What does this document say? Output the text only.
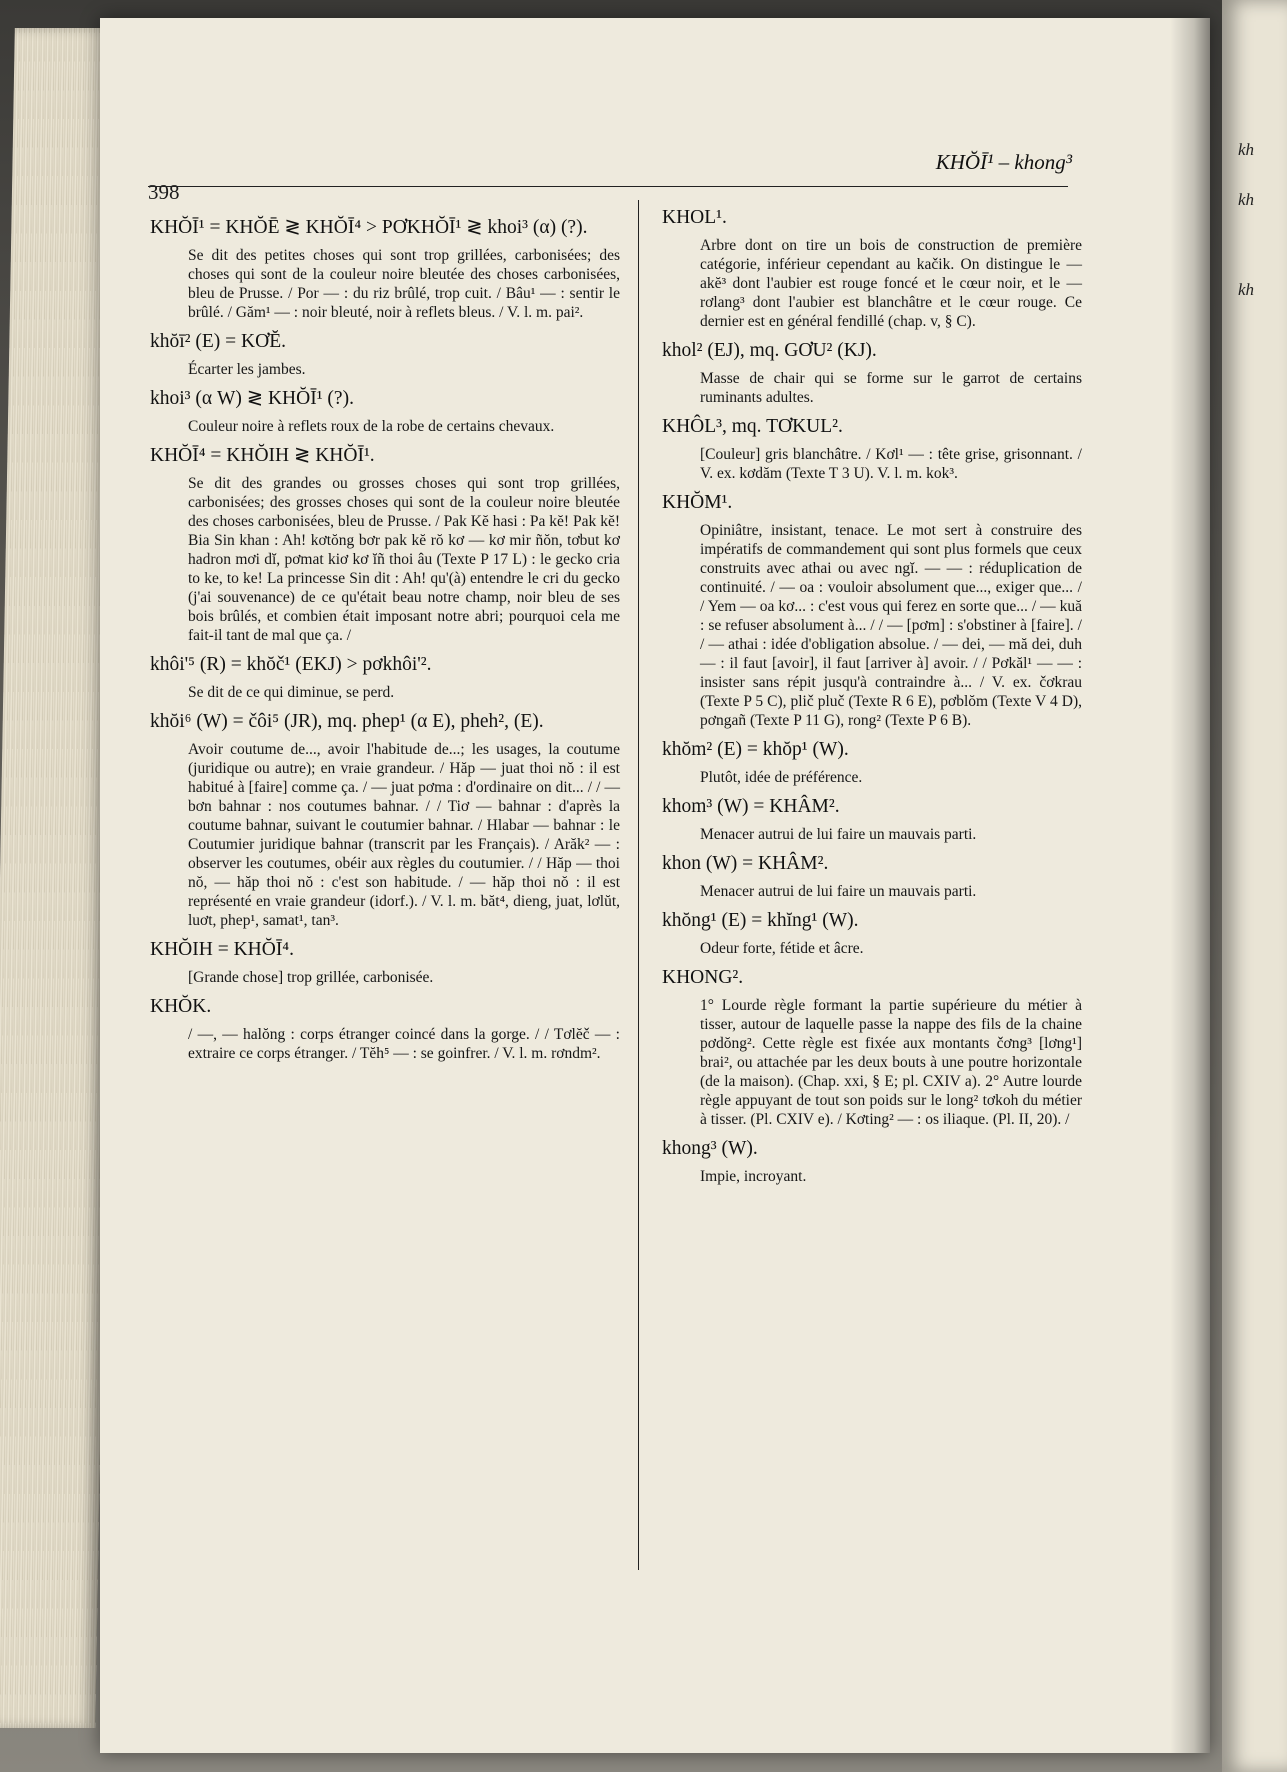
kh
kh
kh
398
KHŎĪ¹ – khong³
KHŎĪ¹ = KHŎĒ ≷ KHŎĪ⁴ > PƠKHŎĪ¹ ≷ khoi³ (α) (?).
Se dit des petites choses qui sont trop grillées, carbonisées; des choses qui sont de la couleur noire bleutée des choses carbonisées, bleu de Prusse. / Por — : du riz brûlé, trop cuit. / Bâu¹ — : sentir le brûlé. / Găm¹ — : noir bleuté, noir à reflets bleus. / V. l. m. pai².
khŏī² (E) = KƠĔ.
Écarter les jambes.
khoi³ (α W) ≷ KHŎĪ¹ (?).
Couleur noire à reflets roux de la robe de certains chevaux.
KHŎĪ⁴ = KHŎIH ≷ KHŎĪ¹.
Se dit des grandes ou grosses choses qui sont trop grillées, carbonisées; des grosses choses qui sont de la couleur noire bleutée des choses carbonisées, bleu de Prusse. / Pak Kĕ hasi : Pa kĕ! Pak kĕ! Bia Sin khan : Ah! kơtŏng bơr pak kĕ rŏ kơ — kơ mir ñŏn, tơbut kơ hadron mơi dĭ, pơmat kiơ kơ ĭñ thoi âu (Texte P 17 L) : le gecko cria to ke, to ke! La princesse Sin dit : Ah! qu'(à) entendre le cri du gecko (j'ai souvenance) de ce qu'était beau notre champ, noir bleu de ses bois brûlés, et combien était imposant notre abri; pourquoi cela me fait-il tant de mal que ça. /
khôi'⁵ (R) = khŏč¹ (EKJ) > pơkhôi'².
Se dit de ce qui diminue, se perd.
khŏi⁶ (W) = čôi⁵ (JR), mq. phep¹ (α E), pheh², (E).
Avoir coutume de..., avoir l'habitude de...; les usages, la coutume (juridique ou autre); en vraie grandeur. / Hăp — juat thoi nŏ : il est habitué à [faire] comme ça. / — juat pơma : d'ordinaire on dit... / / — bơn bahnar : nos coutumes bahnar. / / Tiơ — bahnar : d'après la coutume bahnar, suivant le coutumier bahnar. / Hlabar — bahnar : le Coutumier juridique bahnar (transcrit par les Français). / Arăk² — : observer les coutumes, obéir aux règles du coutumier. / / Hăp — thoi nŏ, — hăp thoi nŏ : c'est son habitude. / — hăp thoi nŏ : il est représenté en vraie grandeur (idorf.). / V. l. m. băt⁴, dieng, juat, lơlŭt, luơt, phep¹, samat¹, tan³.
KHŎIH = KHŎĪ⁴.
[Grande chose] trop grillée, carbonisée.
KHŎK.
/ —, — halŏng : corps étranger coincé dans la gorge. / / Tơlĕč — : extraire ce corps étranger. / Tĕh⁵ — : se goinfrer. / V. l. m. rơndm².
KHOL¹.
Arbre dont on tire un bois de construction de première catégorie, inférieur cependant au kačik. On distingue le — akĕ³ dont l'aubier est rouge foncé et le cœur noir, et le — rơlang³ dont l'aubier est blanchâtre et le cœur rouge. Ce dernier est en général fendillé (chap. v, § C).
khol² (EJ), mq. GƠU² (KJ).
Masse de chair qui se forme sur le garrot de certains ruminants adultes.
KHÔL³, mq. TƠKUL².
[Couleur] gris blanchâtre. / Kơl¹ — : tête grise, grisonnant. / V. ex. kơdăm (Texte T 3 U). V. l. m. kok³.
KHŎM¹.
Opiniâtre, insistant, tenace. Le mot sert à construire des impératifs de commandement qui sont plus formels que ceux construits avec athai ou avec ngĭ. — — : réduplication de continuité. / — oa : vouloir absolument que..., exiger que... / / Yem — oa kơ... : c'est vous qui ferez en sorte que... / — kuă : se refuser absolument à... / / — [pơm] : s'obstiner à [faire]. / / — athai : idée d'obligation absolue. / — dei, — mă dei, duh — : il faut [avoir], il faut [arriver à] avoir. / / Pơkăl¹ — — : insister sans répit jusqu'à contraindre à... / V. ex. čơkrau (Texte P 5 C), plič pluč (Texte R 6 E), pơblŏm (Texte V 4 D), pơngañ (Texte P 11 G), rong² (Texte P 6 B).
khŏm² (E) = khŏp¹ (W).
Plutôt, idée de préférence.
khom³ (W) = KHÂM².
Menacer autrui de lui faire un mauvais parti.
khon (W) = KHÂM².
Menacer autrui de lui faire un mauvais parti.
khŏng¹ (E) = khĭng¹ (W).
Odeur forte, fétide et âcre.
KHONG².
1° Lourde règle formant la partie supérieure du métier à tisser, autour de laquelle passe la nappe des fils de la chaine pơdŏng². Cette règle est fixée aux montants čơng³ [lơng¹] brai², ou attachée par les deux bouts à une poutre horizontale (de la maison). (Chap. xxi, § E; pl. CXIV a). 2° Autre lourde règle appuyant de tout son poids sur le long² tơkoh du métier à tisser. (Pl. CXIV e). / Kơting² — : os iliaque. (Pl. II, 20). /
khong³ (W).
Impie, incroyant.
